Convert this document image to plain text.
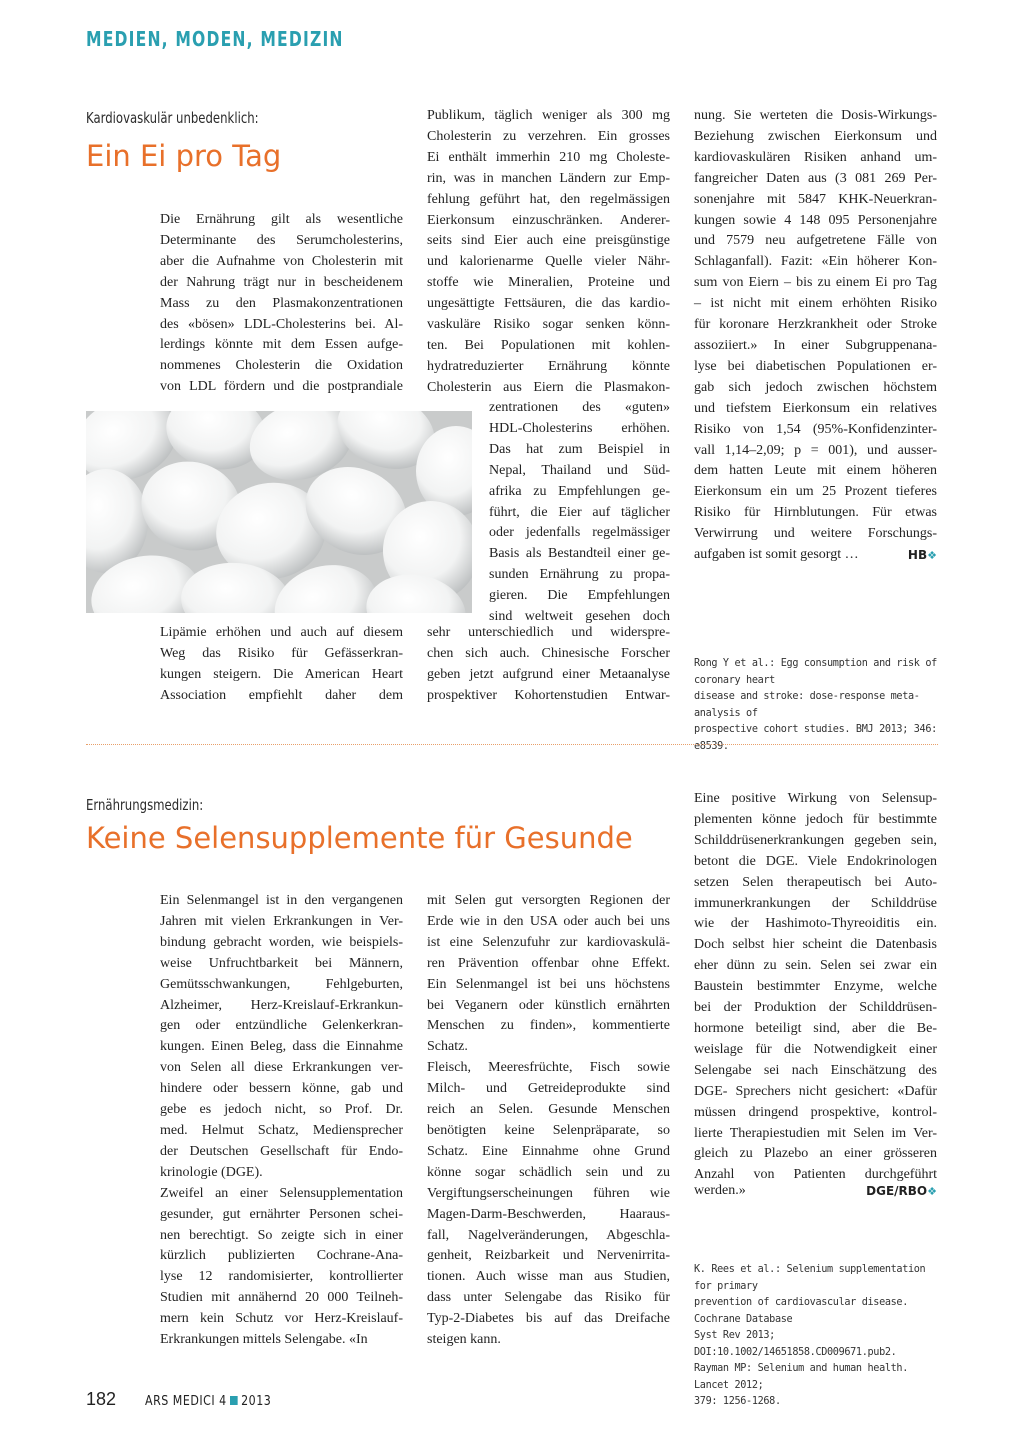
MEDIEN, MODEN, MEDIZIN
Kardiovaskulär unbedenklich:
Ein Ei pro Tag
Die Ernährung gilt als wesentliche
Determinante des Serumcholesterins,
aber die Aufnahme von Cholesterin mit
der Nahrung trägt nur in bescheidenem
Mass zu den Plasmakonzentrationen
des «bösen» LDL-Cholesterins bei. Al-
lerdings könnte mit dem Essen aufge-
nommenes Cholesterin die Oxidation
von LDL fördern und die postprandiale
Lipämie erhöhen und auch auf diesem
Weg das Risiko für Gefässerkran-
kungen steigern. Die American Heart
Association empfiehlt daher dem
Publikum, täglich weniger als 300 mg
Cholesterin zu verzehren. Ein grosses
Ei enthält immerhin 210 mg Choleste-
rin, was in manchen Ländern zur Emp-
fehlung geführt hat, den regelmässigen
Eierkonsum einzuschränken. Anderer-
seits sind Eier auch eine preisgünstige
und kalorienarme Quelle vieler Nähr-
stoffe wie Mineralien, Proteine und
ungesättigte Fettsäuren, die das kardio-
vaskuläre Risiko sogar senken könn-
ten. Bei Populationen mit kohlen-
hydratreduzierter Ernährung könnte
Cholesterin aus Eiern die Plasmakon-
zentrationen des «guten»
HDL-Cholesterins erhöhen.
Das hat zum Beispiel in
Nepal, Thailand und Süd-
afrika zu Empfehlungen ge-
führt, die Eier auf täglicher
oder jedenfalls regelmässiger
Basis als Bestandteil einer ge-
sunden Ernährung zu propa-
gieren. Die Empfehlungen
sind weltweit gesehen doch
sehr unterschiedlich und widerspre-
chen sich auch. Chinesische Forscher
geben jetzt aufgrund einer Metaanalyse
prospektiver Kohortenstudien Entwar-
nung. Sie werteten die Dosis-Wirkungs-
Beziehung zwischen Eierkonsum und
kardiovaskulären Risiken anhand um-
fangreicher Daten aus (3 081 269 Per-
sonenjahre mit 5847 KHK-Neuerkran-
kungen sowie 4 148 095 Personenjahre
und 7579 neu aufgetretene Fälle von
Schlaganfall). Fazit: «Ein höherer Kon-
sum von Eiern – bis zu einem Ei pro Tag
– ist nicht mit einem erhöhten Risiko
für koronare Herzkrankheit oder Stroke
assoziiert.» In einer Subgruppenana-
lyse bei diabetischen Populationen er-
gab sich jedoch zwischen höchstem
und tiefstem Eierkonsum ein relatives
Risiko von 1,54 (95%-Konfidenzinter-
vall 1,14–2,09; p = 001), und ausser-
dem hatten Leute mit einem höheren
Eierkonsum ein um 25 Prozent tieferes
Risiko für Hirnblutungen. Für etwas
Verwirrung und weitere Forschungs-
aufgaben ist somit gesorgt …	HB❖
Rong Y et al.: Egg consumption and risk of coronary heart
disease and stroke: dose-response meta-analysis of
prospective cohort studies. BMJ 2013; 346: e8539.
Ernährungsmedizin:
Keine Selensupplemente für Gesunde
Ein Selenmangel ist in den vergangenen
Jahren mit vielen Erkrankungen in Ver-
bindung gebracht worden, wie beispiels-
weise Unfruchtbarkeit bei Männern,
Gemütsschwankungen, Fehlgeburten,
Alzheimer, Herz-Kreislauf-Erkrankun-
gen oder entzündliche Gelenkerkran-
kungen. Einen Beleg, dass die Einnahme
von Selen all diese Erkrankungen ver-
hindere oder bessern könne, gab und
gebe es jedoch nicht, so Prof. Dr.
med. Helmut Schatz, Mediensprecher
der Deutschen Gesellschaft für Endo-
krinologie (DGE).
Zweifel an einer Selensupplementation
gesunder, gut ernährter Personen schei-
nen berechtigt. So zeigte sich in einer
kürzlich publizierten Cochrane-Ana-
lyse 12 randomisierter, kontrollierter
Studien mit annähernd 20 000 Teilneh-
mern kein Schutz vor Herz-Kreislauf-
Erkrankungen mittels Selengabe. «In
mit Selen gut versorgten Regionen der
Erde wie in den USA oder auch bei uns
ist eine Selenzufuhr zur kardiovaskulä-
ren Prävention offenbar ohne Effekt.
Ein Selenmangel ist bei uns höchstens
bei Veganern oder künstlich ernährten
Menschen zu finden», kommentierte
Schatz.
Fleisch, Meeresfrüchte, Fisch sowie
Milch- und Getreideprodukte sind
reich an Selen. Gesunde Menschen
benötigten keine Selenpräparate, so
Schatz. Eine Einnahme ohne Grund
könne sogar schädlich sein und zu
Vergiftungserscheinungen führen wie
Magen-Darm-Beschwerden, Haaraus-
fall, Nagelveränderungen, Abgeschla-
genheit, Reizbarkeit und Nervenirrita-
tionen. Auch wisse man aus Studien,
dass unter Selengabe das Risiko für
Typ-2-Diabetes bis auf das Dreifache
steigen kann.
Eine positive Wirkung von Selensup-
plementen könne jedoch für bestimmte
Schilddrüsenerkrankungen gegeben sein,
betont die DGE. Viele Endokrinologen
setzen Selen therapeutisch bei Auto-
immunerkrankungen der Schilddrüse
wie der Hashimoto-Thyreoiditis ein.
Doch selbst hier scheint die Datenbasis
eher dünn zu sein. Selen sei zwar ein
Baustein bestimmter Enzyme, welche
bei der Produktion der Schilddrüsen-
hormone beteiligt sind, aber die Be-
weislage für die Notwendigkeit einer
Selengabe sei nach Einschätzung des
DGE- Sprechers nicht gesichert: «Dafür
müssen dringend prospektive, kontrol-
lierte Therapiestudien mit Selen im Ver-
gleich zu Plazebo an einer grösseren
Anzahl von Patienten durchgeführt
werden.»	DGE/RBO❖
K. Rees et al.: Selenium supplementation for primary
prevention of cardiovascular disease. Cochrane Database
Syst Rev 2013; DOI:10.1002/14651858.CD009671.pub2.
Rayman MP: Selenium and human health. Lancet 2012;
379: 1256-1268.
182 ARS MEDICI 4 2013
